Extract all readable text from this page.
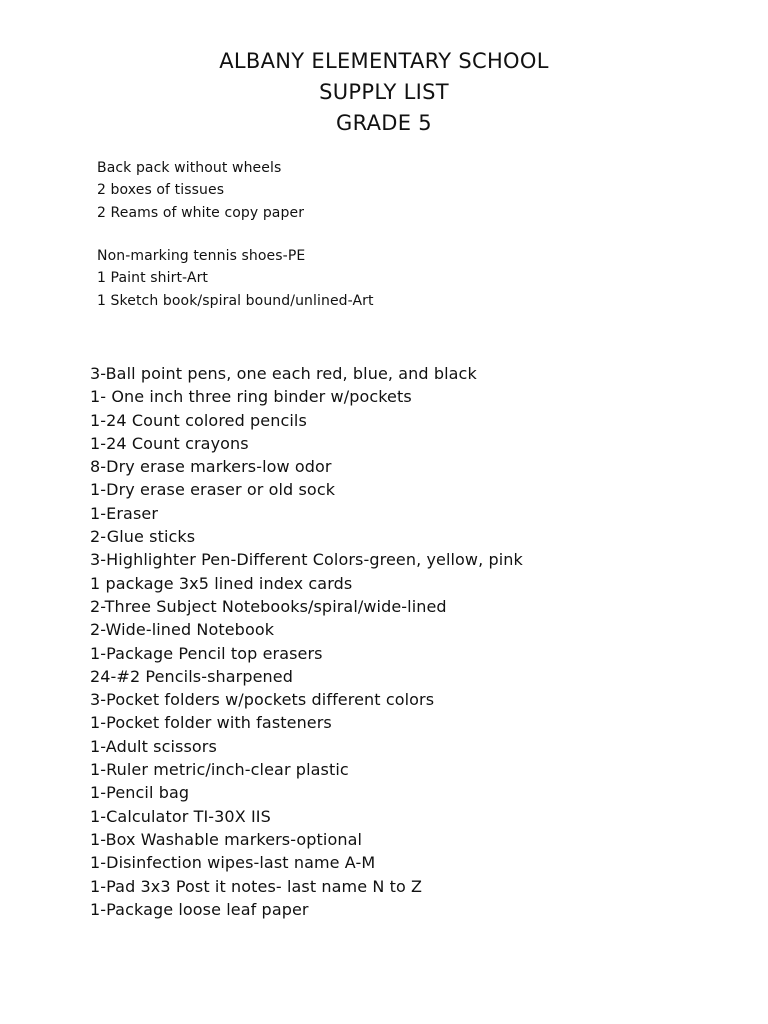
ALBANY ELEMENTARY SCHOOL

SUPPLY LIST

GRADE 5

Back pack without wheels
2 boxes of tissues
2 Reams of white copy paper
Non-marking tennis shoes-PE
1 Paint shirt-Art
1 Sketch book/spiral bound/unlined-Art
3-Ball point pens, one each red, blue, and black
1- One inch three ring binder w/pockets
1-24 Count colored pencils
1-24 Count crayons
8-Dry erase markers-low odor
1-Dry erase eraser or old sock
1-Eraser
2-Glue sticks
3-Highlighter Pen-Different Colors-green, yellow, pink
1 package 3x5 lined index cards
2-Three Subject Notebooks/spiral/wide-lined
2-Wide-lined Notebook
1-Package Pencil top erasers
24-#2 Pencils-sharpened
3-Pocket folders w/pockets different colors
1-Pocket folder with fasteners
1-Adult scissors
1-Ruler metric/inch-clear plastic
1-Pencil bag
1-Calculator TI-30X IIS
1-Box Washable markers-optional
1-Disinfection wipes-last name A-M
1-Pad 3x3 Post it notes- last name N to Z
1-Package loose leaf paper
